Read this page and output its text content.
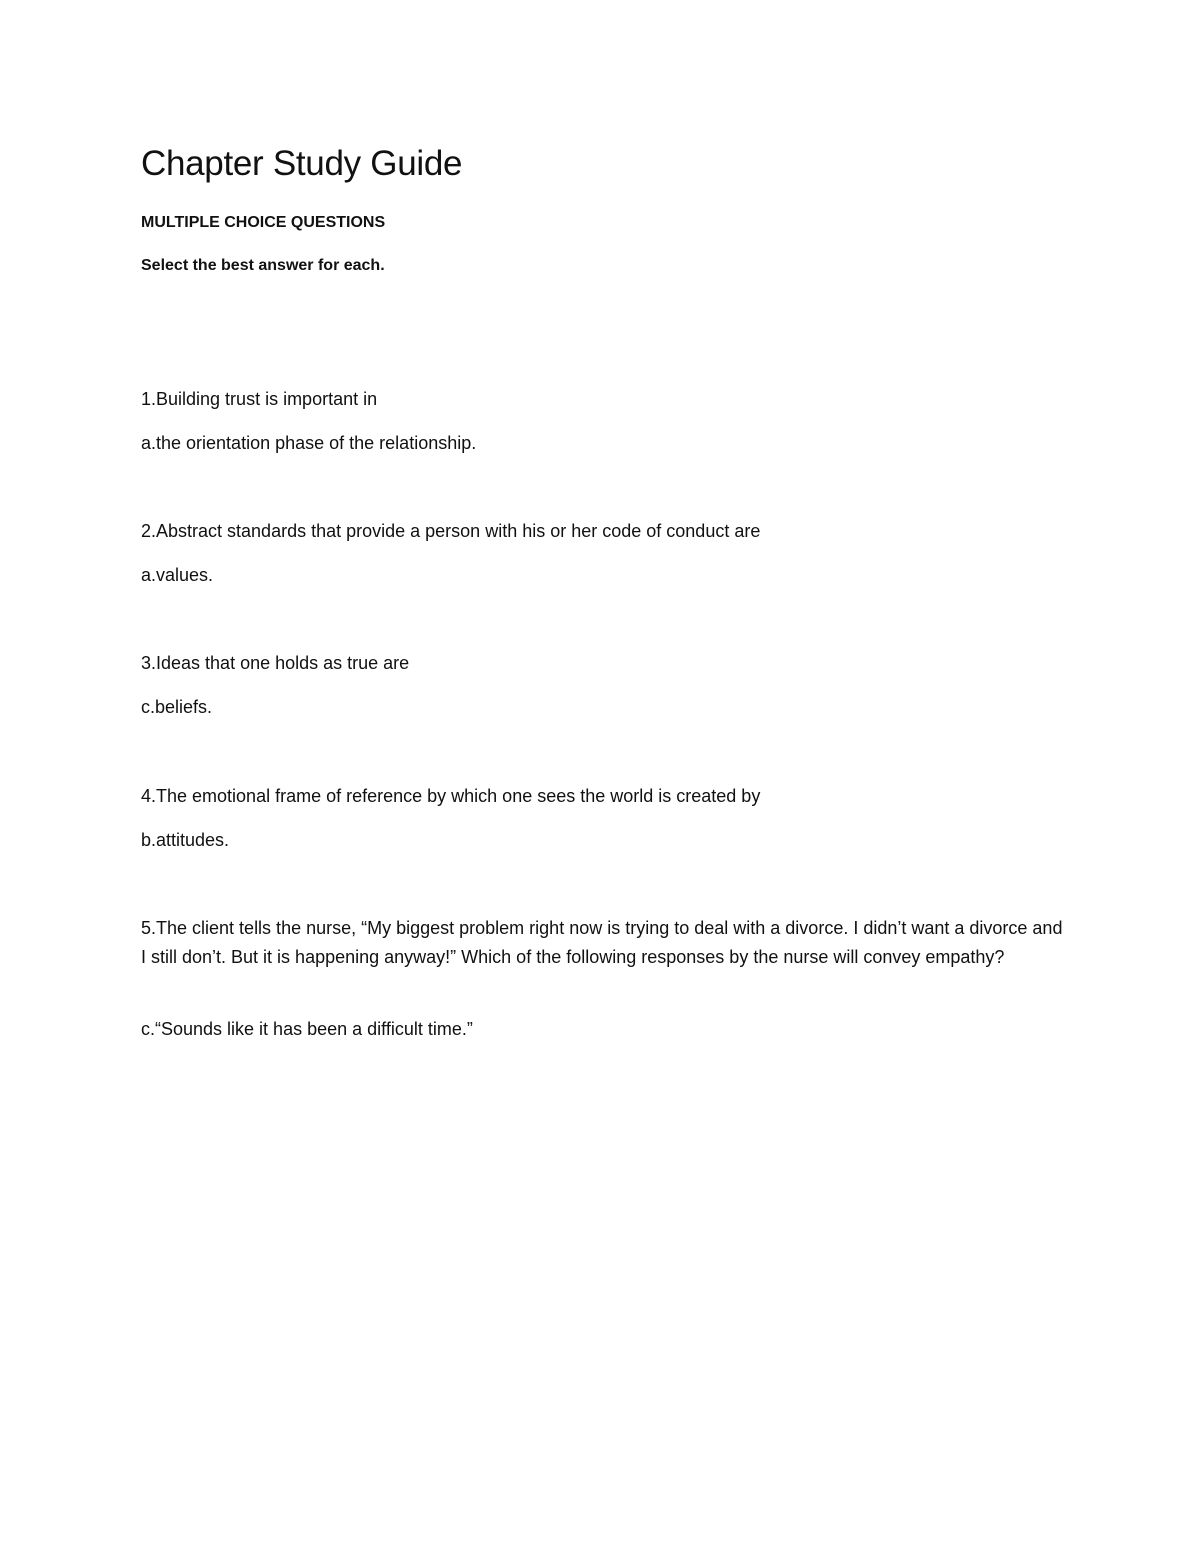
Chapter Study Guide

MULTIPLE CHOICE QUESTIONS

Select the best answer for each.

1.Building trust is important in

a.the orientation phase of the relationship.

2.Abstract standards that provide a person with his or her code of conduct are

a.values.

3.Ideas that one holds as true are

c.beliefs.

4.The emotional frame of reference by which one sees the world is created by

b.attitudes.

5.The client tells the nurse, “My biggest problem right now is trying to deal with a divorce. I didn’t want a divorce and I still don’t. But it is happening anyway!” Which of the following responses by the nurse will convey empathy?

c.“Sounds like it has been a difficult time.”
